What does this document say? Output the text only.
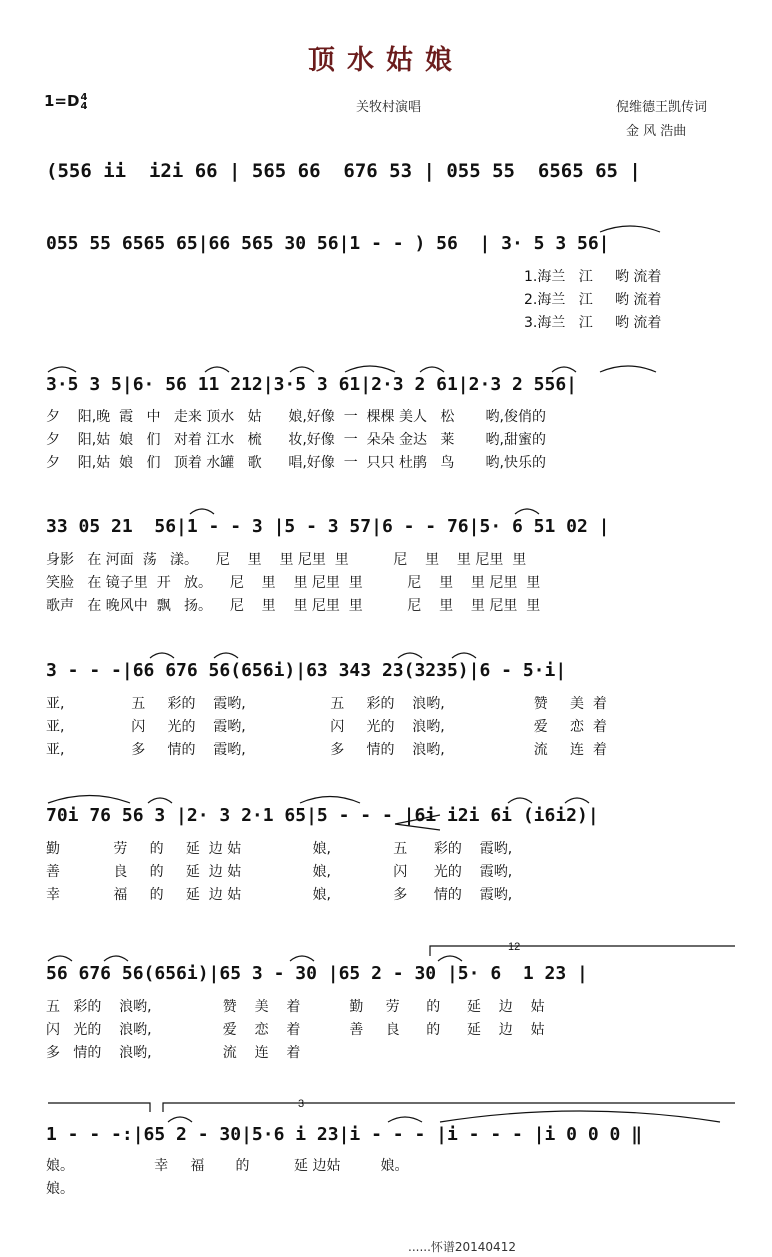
顶水姑娘
1=D4
4	关牧村演唱	倪维德王凯传词
金 风 浩曲
(556 ii  i2i 66 | 565 66  676 53 | 055 55  6565 65 |
055 55 6565 65|66 565 30 56|1 - - ) 56  | 3· 5 3 56|
3·5 3 5|6· 56 11 212|3·5 3 61|2·3 2 61|2·3 2 556|
33 05 21  56|1 - - 3 |5 - 3 57|6 - - 76|5· 6 51 02 |
3 - - -|66 676 56(656i)|63 343 23(3235)|6 - 5·i|
70i 76 56 3 |2· 3 2·1 65|5 - - - |6i i2i 6i (i6i2)|
56 676 56(656i)|65 3 - 30 |65 2 - 30 |5· 6  1 23 |
1 - - -:|65 2 - 30|5·6 i 23|i - - - |i - - - |i 0 0 0 ‖
1.海兰   江     哟 流着
2.海兰   江     哟 流着
3.海兰   江     哟 流着
夕    阳,晚  霞   中   走来 顶水   姑      娘,好像  一  棵棵 美人   松       哟,俊俏的
夕    阳,姑  娘   们   对着 江水   梳      妆,好像  一  朵朵 金达   莱       哟,甜蜜的
夕    阳,姑  娘   们   顶着 水罐   歌      唱,好像  一  只只 杜鹃   鸟       哟,快乐的
身影   在 河面  荡   漾。    尼    里    里 尼里  里          尼    里    里 尼里  里
笑脸   在 镜子里  开   放。    尼    里    里 尼里  里          尼    里    里 尼里  里
歌声   在 晚风中  飘   扬。    尼    里    里 尼里  里          尼    里    里 尼里  里
亚,               五     彩的    霞哟,                   五     彩的    浪哟,                    赞     美  着
亚,               闪     光的    霞哟,                   闪     光的    浪哟,                    爱     恋  着
亚,               多     情的    霞哟,                   多     情的    浪哟,                    流     连  着
勤            劳     的     延  边 姑                娘,              五      彩的    霞哟,
善            良     的     延  边 姑                娘,              闪      光的    霞哟,
幸            福     的     延  边 姑                娘,              多      情的    霞哟,
五   彩的    浪哟,                赞    美    着           勤     劳      的      延    边    姑
闪   光的    浪哟,                爱    恋    着           善     良      的      延    边    姑
多   情的    浪哟,                流    连    着
娘。                  幸     福       的          延 边姑         娘。
娘。
12
3
......怀谱20140412
